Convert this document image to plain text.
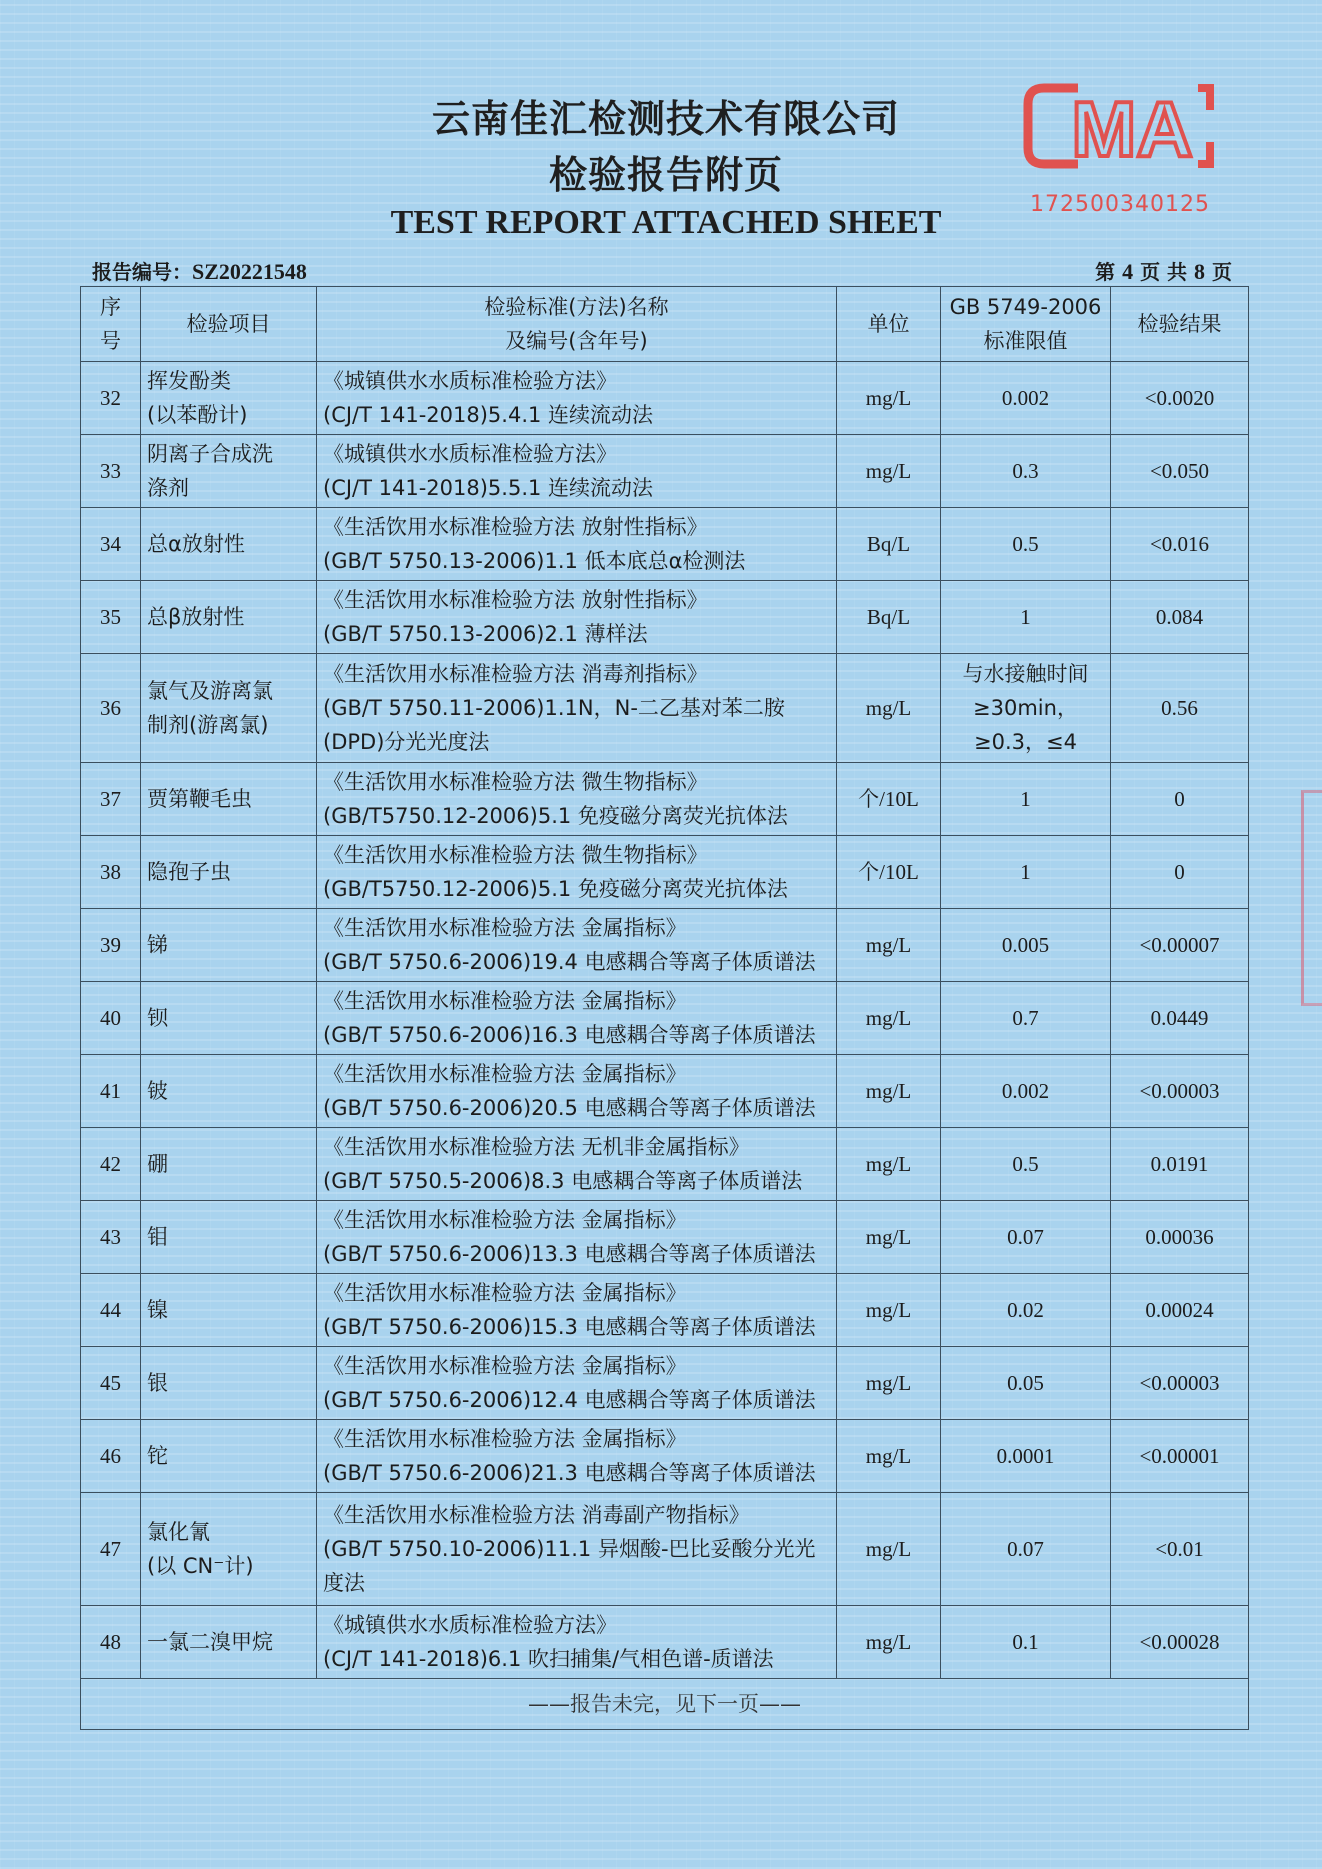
云南佳汇检测技术有限公司
检验报告附页
TEST REPORT ATTACHED SHEET
MA
172500340125
报告编号：SZ20221548	第 4 页 共 8 页
序
号	检验项目	检验标准(方法)名称
及编号(含年号)	单位	GB 5749-2006
标准限值	检验结果
32	挥发酚类
(以苯酚计)	《城镇供水水质标准检验方法》
(CJ/T 141-2018)5.4.1 连续流动法	mg/L	0.002	<0.0020
33	阴离子合成洗
涤剂	《城镇供水水质标准检验方法》
(CJ/T 141-2018)5.5.1 连续流动法	mg/L	0.3	<0.050
34	总α放射性	《生活饮用水标准检验方法 放射性指标》
(GB/T 5750.13-2006)1.1 低本底总α检测法	Bq/L	0.5	<0.016
35	总β放射性	《生活饮用水标准检验方法 放射性指标》
(GB/T 5750.13-2006)2.1 薄样法	Bq/L	1	0.084
36	氯气及游离氯
制剂(游离氯)	《生活饮用水标准检验方法 消毒剂指标》
(GB/T 5750.11-2006)1.1N，N-二乙基对苯二胺
(DPD)分光光度法	mg/L	与水接触时间
≥30min，
≥0.3，≤4	0.56
37	贾第鞭毛虫	《生活饮用水标准检验方法 微生物指标》
(GB/T5750.12-2006)5.1 免疫磁分离荧光抗体法	个/10L	1	0
38	隐孢子虫	《生活饮用水标准检验方法 微生物指标》
(GB/T5750.12-2006)5.1 免疫磁分离荧光抗体法	个/10L	1	0
39	锑	《生活饮用水标准检验方法 金属指标》
(GB/T 5750.6-2006)19.4 电感耦合等离子体质谱法	mg/L	0.005	<0.00007
40	钡	《生活饮用水标准检验方法 金属指标》
(GB/T 5750.6-2006)16.3 电感耦合等离子体质谱法	mg/L	0.7	0.0449
41	铍	《生活饮用水标准检验方法 金属指标》
(GB/T 5750.6-2006)20.5 电感耦合等离子体质谱法	mg/L	0.002	<0.00003
42	硼	《生活饮用水标准检验方法 无机非金属指标》
(GB/T 5750.5-2006)8.3 电感耦合等离子体质谱法	mg/L	0.5	0.0191
43	钼	《生活饮用水标准检验方法 金属指标》
(GB/T 5750.6-2006)13.3 电感耦合等离子体质谱法	mg/L	0.07	0.00036
44	镍	《生活饮用水标准检验方法 金属指标》
(GB/T 5750.6-2006)15.3 电感耦合等离子体质谱法	mg/L	0.02	0.00024
45	银	《生活饮用水标准检验方法 金属指标》
(GB/T 5750.6-2006)12.4 电感耦合等离子体质谱法	mg/L	0.05	<0.00003
46	铊	《生活饮用水标准检验方法 金属指标》
(GB/T 5750.6-2006)21.3 电感耦合等离子体质谱法	mg/L	0.0001	<0.00001
47	氯化氰
(以 CN⁻计)	《生活饮用水标准检验方法 消毒副产物指标》
(GB/T 5750.10-2006)11.1 异烟酸-巴比妥酸分光光
度法	mg/L	0.07	<0.01
48	一氯二溴甲烷	《城镇供水水质标准检验方法》
(CJ/T 141-2018)6.1 吹扫捕集/气相色谱-质谱法	mg/L	0.1	<0.00028
——报告未完，见下一页——					
